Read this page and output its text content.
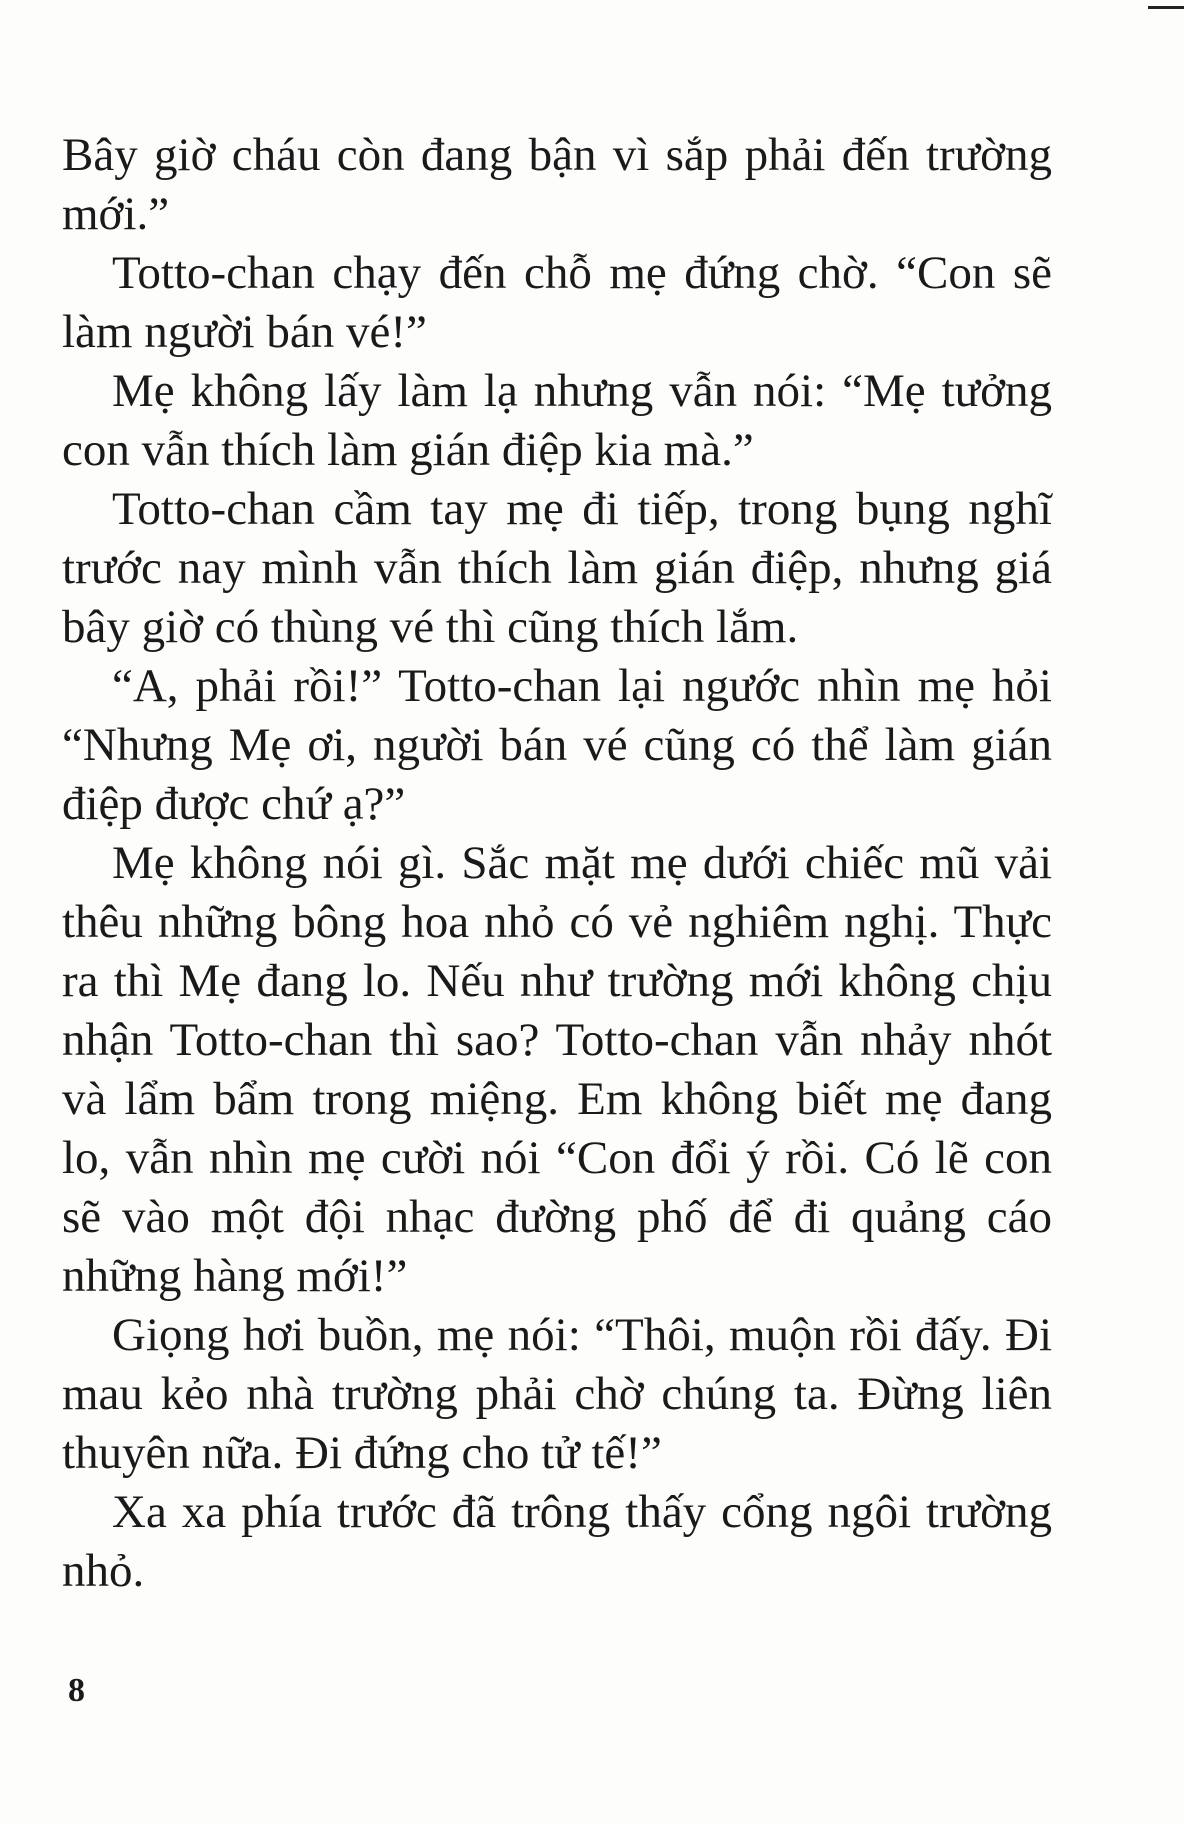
Bây giờ cháu còn đang bận vì sắp phải đến trường mới.”

Totto-chan chạy đến chỗ mẹ đứng chờ. “Con sẽ làm người bán vé!”

Mẹ không lấy làm lạ nhưng vẫn nói: “Mẹ tưởng con vẫn thích làm gián điệp kia mà.”

Totto-chan cầm tay mẹ đi tiếp, trong bụng nghĩ trước nay mình vẫn thích làm gián điệp, nhưng giá bây giờ có thùng vé thì cũng thích lắm.

“A, phải rồi!” Totto-chan lại ngước nhìn mẹ hỏi “Nhưng Mẹ ơi, người bán vé cũng có thể làm gián điệp được chứ ạ?”

Mẹ không nói gì. Sắc mặt mẹ dưới chiếc mũ vải thêu những bông hoa nhỏ có vẻ nghiêm nghị. Thực ra thì Mẹ đang lo. Nếu như trường mới không chịu nhận Totto-chan thì sao? Totto-chan vẫn nhảy nhót và lẩm bẩm trong miệng. Em không biết mẹ đang lo, vẫn nhìn mẹ cười nói “Con đổi ý rồi. Có lẽ con sẽ vào một đội nhạc đường phố để đi quảng cáo những hàng mới!”

Giọng hơi buồn, mẹ nói: “Thôi, muộn rồi đấy. Đi mau kẻo nhà trường phải chờ chúng ta. Đừng liên thuyên nữa. Đi đứng cho tử tế!”

Xa xa phía trước đã trông thấy cổng ngôi trường nhỏ.

8
